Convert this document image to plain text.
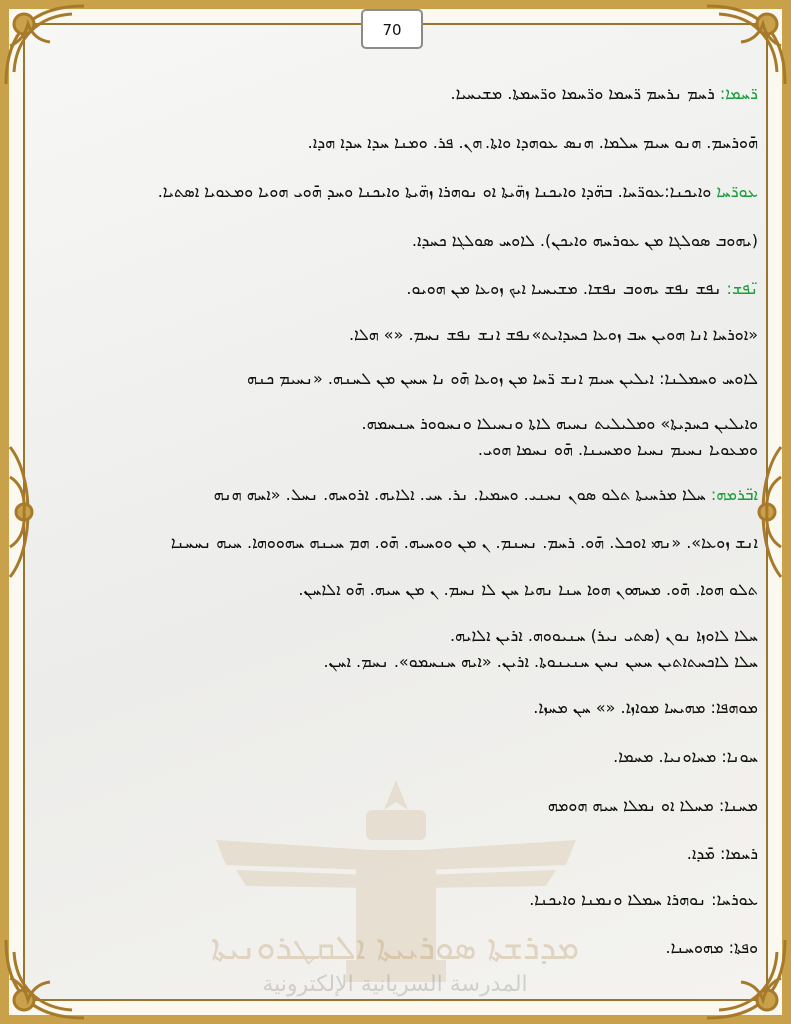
70
ܡܕܪܫܬܐ ܣܘܪܝܝܬܐ ܐܠܩܛܪܘܢܝܬܐ
المدرسة السريانية الإلكترونية
ܪ̈ܚܡܐ: ܪܚܡ ܢܪܚܡ ܪ̈ܚܡܐ ܘܪ̈ܚܡܐ ܘܪ̈ܚܡܬܐ. ܡܫܝܚܝܐ.
ܗ̄ܘܪܚܡ. ܗܢܘ ܚܝܡ ܚܠܡܐ. ܗܢܣ ܥܘܗܕܐ ܘܐܬܐ. ܗܢ. ܦܪ. ܘܡܢܐ ܚܕܐ ܚܕܐ ܗܕܐ.
ܥܘܪ̈ܚܐ ܘܐܝܟܢܐ:ܥܘܪ̈ܚܐ. ܒܗ̈ܕܐ ܘܐܝܟܢܐ ܙܗ̈ܝܬܐ ܐܘ ܢܘܗܪܐ ܙܗ̈ܝܬܐ ܘܐܝܟܢܐ ܘܚܕ ܗ̄ܘܝ ܗܘܝܐ ܘܡܥܘܝܐ ܐܣܬܝܐ.
(ܝܗܘܒ ܣܘܠܓܐ ܡܢ ܥܘܪܚܗ ܘܐܝܟܢ). ܠܐܘܚ ܣܘܠܓܐ ܟܚܕܐ.
ܢ̈ܦܫ: ܢܦܫ ܢܦܫ ܝܗܘܒ ܢܦܫܐ. ܡܫܝܚܝܐ ܐܝܟ ܙܘܥܐ ܡܢ ܗܘܝܘ.
«ܐܘܪܚܐ ܐܢܐ ܗܘܝܢ ܚܒ ܙܘܥܐ ܟܚܕܐܝܬ»ܢܦܫ ܐܢܫ ܢܦܫ ܢܚܡ. «» ܗܠܐ.
ܠܐܘܚ ܘܚܡܠܢܐ: ܐܝܠܝܢ ܚܝܡ ܐܢܫ ܪ̈ܚܐ ܡܢ ܙܘܥܐ ܗ̄ܘ ܢܐ ܚܚܢ ܡܢ ܠܚܢܗ. «ܢܚܝܡ ܟܢܗ
ܘܐܝܠܝܢ ܟܚܕܝܬܐ» ܘܡܠܝܠܝܬ ܢܚܝܗ ܠܐܬܐ ܘܢܚܝܠܐ ܘܢܚܘܘܪ ܚܢܚܡܗ.
ܘܡܥܘܝܐ ܢܚܝܡ ܢܚܝܐ ܘܡܚܝܢܐ. ܗ̄ܘ ܢܚܡܐ ܗܘܝ.
ܐܒ̈ܪܡܗ: ܚܠܐ ܡܪܚܝܬܐ ܬܠܘ ܣܘܢ ܢܚܢܝ. ܘܚܡܝܐ. ܢܪ. ܚܝ. ܐܠܐܝܗ. ܐܪܘܚܗ. ܢܚܠ. «ܐܚܗ ܗܢܗ
ܐܢܫ ܙܘܥܐ». «ܢܗܝ ܐܘܟܠ. ܗ̄ܘ. ܪܚܡ. ܢܚܢܡ. ܢ ܡܢ ܘܘܚܝܗ. ܗ̄ܘ. ܗܡ ܚܝܢܗ ܚܗܘܘܗܐ. ܚܝܗ ܢܚܚܢܐ
ܬܠܘ ܗܘܐ. ܗ̄ܘ. ܡܚܗܘܢ ܗܘܐ ܚܢܐ ܢܗܝܐ ܚܢ ܠܐ ܢܚܡ. ܢ ܡܢ ܚܝܗ. ܗ̄ܘ ܐܠܐܚܢ.
ܚܠܐ ܠܐܘܙܐ ܢܘܢ (ܣܬܝ ܢܝܪ) ܚܢܝܘܘܗ. ܐܪܝܢ ܐܠܐܝܗ.
ܚܠܐ ܠܐܟܚܬܐܬܝܢ ܚܚܢ ܢܚܢ ܚܢܝܢܘܬܐ. ܐܪܝܢ. «ܐܝܗ ܚܢܚܡܘ». ܢܚܡ. ܐܚܢ.
ܡܘܗܦܐ: ܡܗܝܚܐ ܡܘܐܙܐ. «» ܚܢ ܡܚܙܐ.
ܚܘܢܐ: ܡܚܐܘܢܝܐ. ܡܚܡܐ.
ܡܚܢܐ: ܡܚܠܐ ܐܘ ܢܡܠܐ ܚܝܗ ܗܘܡܗ
ܪܚܡܐ: ܡ̄ܕܐ.
ܥܘܪܚܐ: ܢܘܗܪܐ ܚܡܠܐ ܘܢܡܢܐ ܘܐܝܟܢܐ.
ܘܦܬܐ: ܡܗܘܚܢܐ.
